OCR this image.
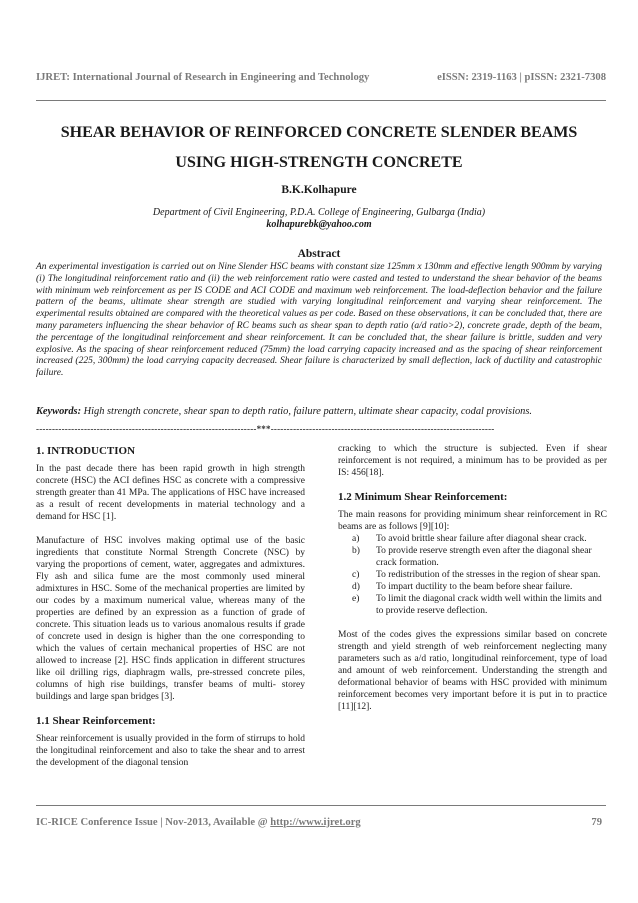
IJRET: International Journal of Research in Engineering and Technology	eISSN: 2319-1163 | pISSN: 2321-7308
SHEAR BEHAVIOR OF REINFORCED CONCRETE SLENDER BEAMS
USING HIGH-STRENGTH CONCRETE
B.K.Kolhapure
Department of Civil Engineering, P.D.A. College of Engineering, Gulbarga (India)
kolhapurebk@yahoo.com
Abstract
An experimental investigation is carried out on Nine Slender HSC beams with constant size 125mm x 130mm and effective length 900mm by varying (i) The longitudinal reinforcement ratio and (ii) the web reinforcement ratio were casted and tested to understand the shear behavior of the beams with minimum web reinforcement as per IS CODE and ACI CODE and maximum web reinforcement. The load-deflection behavior and the failure pattern of the beams, ultimate shear strength are studied with varying longitudinal reinforcement and varying shear reinforcement. The experimental results obtained are compared with the theoretical values as per code. Based on these observations, it can be concluded that, there are many parameters influencing the shear behavior of RC beams such as shear span to depth ratio (a/d ratio>2), concrete grade, depth of the beam, the percentage of the longitudinal reinforcement and shear reinforcement. It can be concluded that, the shear failure is brittle, sudden and very explosive. As the spacing of shear reinforcement reduced (75mm) the load carrying capacity increased and as the spacing of shear reinforcement increased (225, 300mm) the load carrying capacity decreased. Shear failure is characterized by small deflection, lack of ductility and catastrophic failure.
Keywords: High strength concrete, shear span to depth ratio, failure pattern, ultimate shear capacity, codal provisions.
---------------------------------------------------------------------***----------------------------------------------------------------------
1. INTRODUCTION

In the past decade there has been rapid growth in high strength concrete (HSC) the ACI defines HSC as concrete with a compressive strength greater than 41 MPa. The applications of HSC have increased as a result of recent developments in material technology and a demand for HSC [1].

Manufacture of HSC involves making optimal use of the basic ingredients that constitute Normal Strength Concrete (NSC) by varying the proportions of cement, water, aggregates and admixtures. Fly ash and silica fume are the most commonly used mineral admixtures in HSC. Some of the mechanical properties are limited by our codes by a maximum numerical value, whereas many of the properties are defined by an expression as a function of grade of concrete. This situation leads us to various anomalous results if grade of concrete used in design is higher than the one corresponding to which the values of certain mechanical properties of HSC are not allowed to increase [2]. HSC finds application in different structures like oil drilling rigs, diaphragm walls, pre-stressed concrete piles, columns of high rise buildings, transfer beams of multi- storey buildings and large span bridges [3].

1.1 Shear Reinforcement:

Shear reinforcement is usually provided in the form of stirrups to hold the longitudinal reinforcement and also to take the shear and to arrest the development of the diagonal tension

cracking to which the structure is subjected. Even if shear reinforcement is not required, a minimum has to be provided as per IS: 456[18].

1.2 Minimum Shear Reinforcement:

The main reasons for providing minimum shear reinforcement in RC beams are as follows [9][10]:

a) To avoid brittle shear failure after diagonal shear crack.
b) To provide reserve strength even after the diagonal shear crack formation.
c) To redistribution of the stresses in the region of shear span.
d) To impart ductility to the beam before shear failure.
e) To limit the diagonal crack width well within the limits and to provide reserve deflection.

Most of the codes gives the expressions similar based on concrete strength and yield strength of web reinforcement neglecting many parameters such as a/d ratio, longitudinal reinforcement, type of load and amount of web reinforcement. Understanding the strength and deformational behavior of beams with HSC provided with minimum reinforcement becomes very important before it is put in to practice [11][12].

IC-RICE Conference Issue | Nov-2013, Available @ http://www.ijret.org	79
